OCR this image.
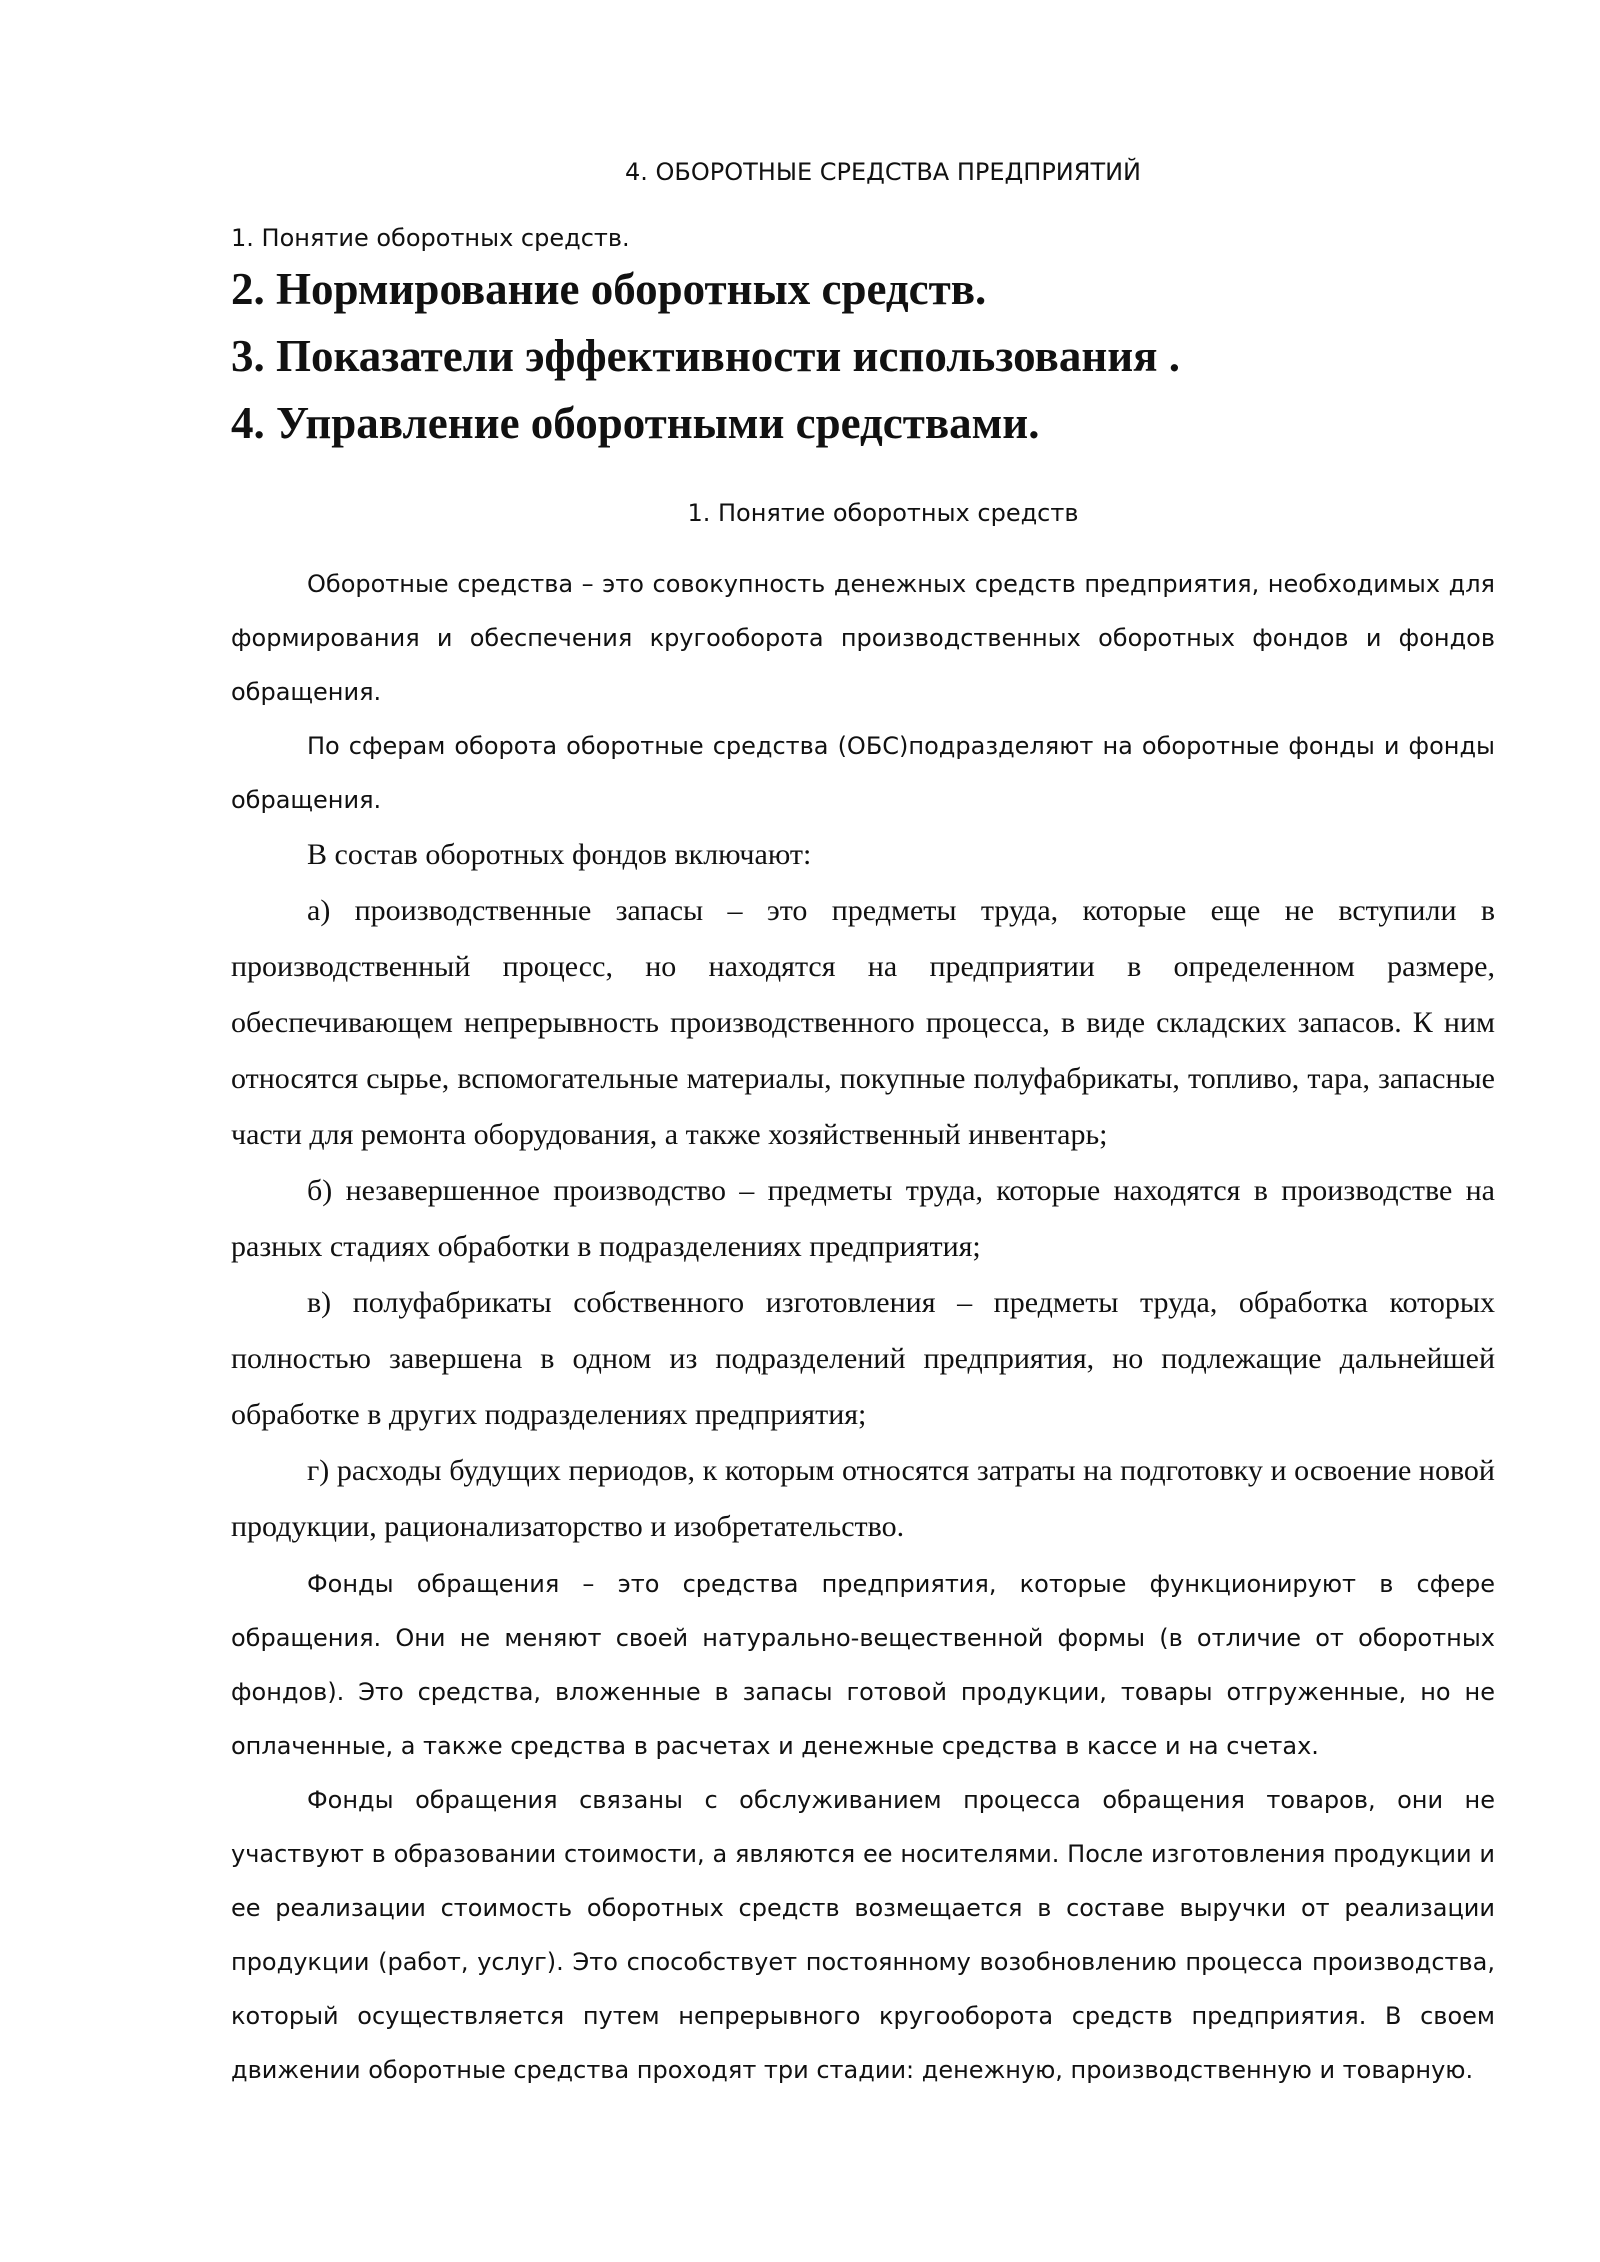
4. ОБОРОТНЫЕ СРЕДСТВА ПРЕДПРИЯТИЙ
1. Понятие оборотных средств.
2. Нормирование оборотных средств.
3. Показатели эффективности использования .
4. Управление оборотными средствами.
1. Понятие оборотных средств

Оборотные средства – это совокупность денежных средств предприятия, необходимых для формирования и обеспечения кругооборота производственных оборотных фондов и фондов обращения.

По сферам оборота оборотные средства (ОБС)подразделяют на оборотные фонды и фонды обращения.

В состав оборотных фондов включают:

а) производственные запасы – это предметы труда, которые еще не вступили в производственный процесс, но находятся на предприятии в определенном размере, обеспечивающем непрерывность производственного процесса, в виде складских запасов. К ним относятся сырье, вспомогательные материалы, покупные полуфабрикаты, топливо, тара, запасные части для ремонта оборудования, а также хозяйственный инвентарь;

б) незавершенное производство – предметы труда, которые находятся в производстве на разных стадиях обработки в подразделениях предприятия;

в) полуфабрикаты собственного изготовления – предметы труда, обработка которых полностью завершена в одном из подразделений предприятия, но подлежащие дальнейшей обработке в других подразделениях предприятия;

г) расходы будущих периодов, к которым относятся затраты на подготовку и освоение новой продукции, рационализаторство и изобретательство.

Фонды обращения – это средства предприятия, которые функционируют в сфере обращения. Они не меняют своей натурально-вещественной формы (в отличие от оборотных фондов). Это средства, вложенные в запасы готовой продукции, товары отгруженные, но не оплаченные, а также средства в расчетах и денежные средства в кассе и на счетах.

Фонды обращения связаны с обслуживанием процесса обращения товаров, они не участвуют в образовании стоимости, а являются ее носителями. После изготовления продукции и ее реализации стоимость оборотных средств возмещается в составе выручки от реализации продукции (работ, услуг). Это способствует постоянному возобновлению процесса производства, который осуществляется путем непрерывного кругооборота средств предприятия. В своем движении оборотные средства проходят три стадии: денежную, производственную и товарную.
